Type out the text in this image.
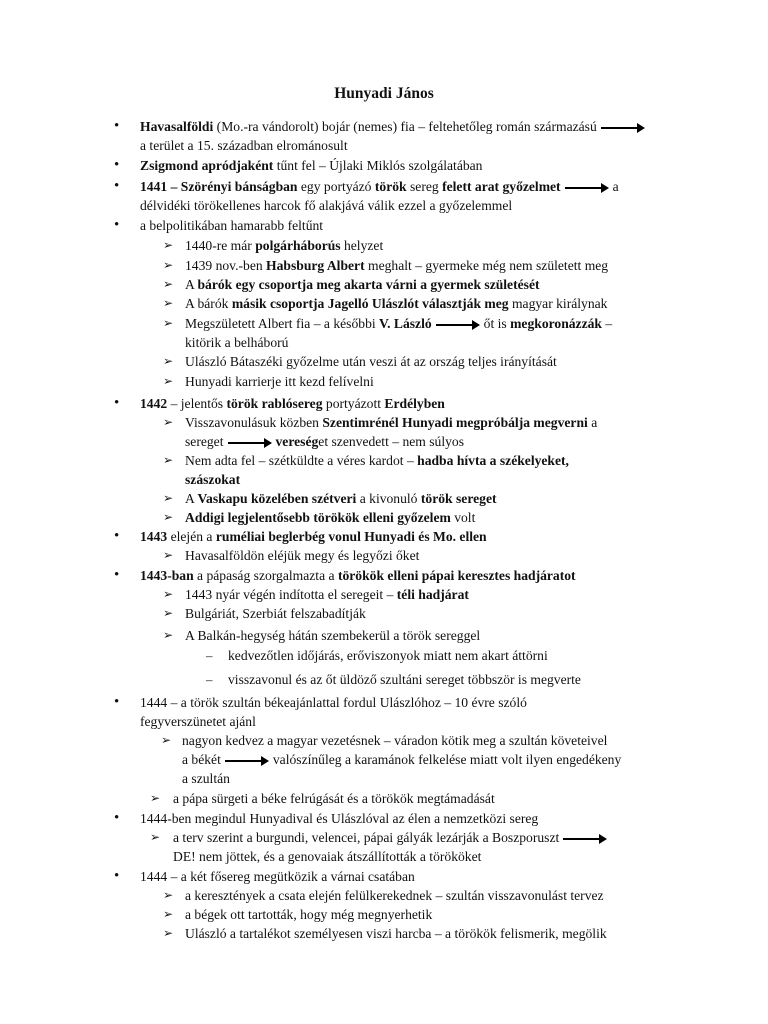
Hunyadi János
• Havasalföldi (Mo.-ra vándorolt) bojár (nemes) fia – feltehetőleg román származású
a terület a 15. században elrománosult
• Zsigmond apródjaként tűnt fel – Újlaki Miklós szolgálatában
• 1441 – Szörényi bánságban egy portyázó török sereg felett arat győzelmet	a
délvidéki törökellenes harcok fő alakjává válik ezzel a győzelemmel
• a belpolitikában hamarabb feltűnt
➢ 1440-re már polgárháborús helyzet
➢ 1439 nov.-ben Habsburg Albert meghalt – gyermeke még nem született meg
➢ A bárók egy csoportja meg akarta várni a gyermek születését
➢ A bárók másik csoportja Jagelló Ulászlót választják meg magyar királynak
➢ Megszületett Albert fia – a későbbi V. László	őt is megkoronázzák –
kitörik a belháború
➢ Ulászló Bátaszéki győzelme után veszi át az ország teljes irányítását
➢ Hunyadi karrierje itt kezd felívelni
• 1442 – jelentős török rablósereg portyázott Erdélyben
➢ Visszavonulásuk közben Szentimrénél Hunyadi megpróbálja megverni a
sereget	vereséget szenvedett – nem súlyos
➢ Nem adta fel – szétküldte a véres kardot – hadba hívta a székelyeket,
szászokat
➢ A Vaskapu közelében szétveri a kivonuló török sereget
➢ Addigi legjelentősebb törökök elleni győzelem volt
• 1443 elején a ruméliai beglerbég vonul Hunyadi és Mo. ellen
➢ Havasalföldön eléjük megy és legyőzi őket
• 1443-ban a pápaság szorgalmazta a törökök elleni pápai keresztes hadjáratot
➢ 1443 nyár végén indította el seregeit – téli hadjárat
➢ Bulgáriát, Szerbiát felszabadítják
➢ A Balkán-hegység hátán szembekerül a török sereggel
– kedvezőtlen időjárás, erőviszonyok miatt nem akart áttörni
– visszavonul és az őt üldöző szultáni sereget többször is megverte
• 1444 – a török szultán békeajánlattal fordul Ulászlóhoz – 10 évre szóló
fegyverszünetet ajánl
➢ nagyon kedvez a magyar vezetésnek – váradon kötik meg a szultán követeivel
a békét	valószínűleg a karamánok felkelése miatt volt ilyen engedékeny
a szultán
➢ a pápa sürgeti a béke felrúgását és a törökök megtámadását
• 1444-ben megindul Hunyadival és Ulászlóval az élen a nemzetközi sereg
➢ a terv szerint a burgundi, velencei, pápai gályák lezárják a Boszporuszt
DE! nem jöttek, és a genovaiak átszállították a törököket
• 1444 – a két fősereg megütközik a várnai csatában
➢ a keresztények a csata elején felülkerekednek – szultán visszavonulást tervez
➢ a bégek ott tartották, hogy még megnyerhetik
➢ Ulászló a tartalékot személyesen viszi harcba – a törökök felismerik, megölik
